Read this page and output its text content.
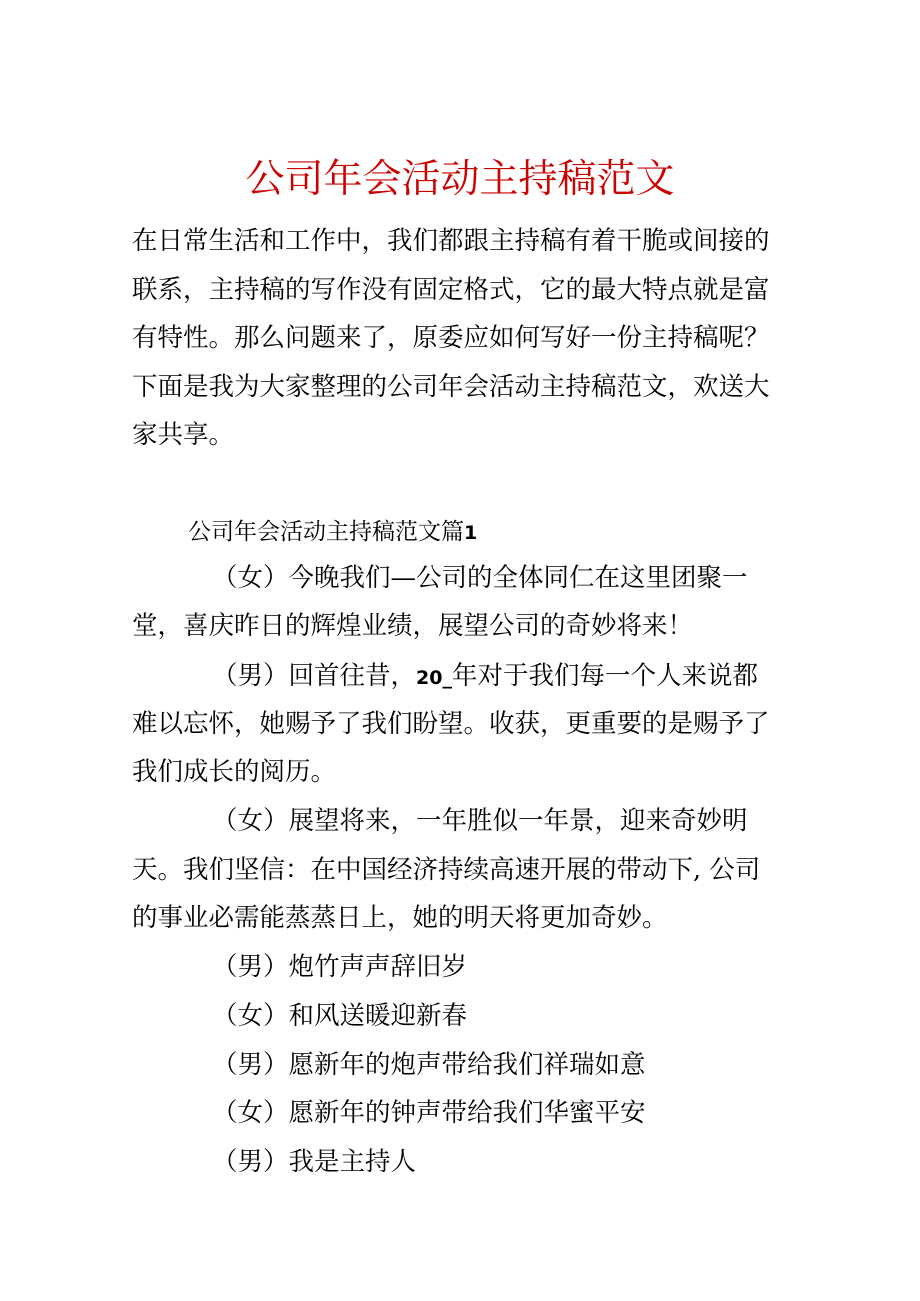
公司年会活动主持稿范文
在日常生活和工作中，我们都跟主持稿有着干脆或间接的
联系，主持稿的写作没有固定格式，它的最大特点就是富
有特性。那么问题来了，原委应如何写好一份主持稿呢？
下面是我为大家整理的公司年会活动主持稿范文，欢送大
家共享。
公司年会活动主持稿范文篇1
（女）今晚我们—公司的全体同仁在这里团聚一
堂，喜庆昨日的辉煌业绩，展望公司的奇妙将来！
（男）回首往昔，20_年对于我们每一个人来说都
难以忘怀，她赐予了我们盼望。收获，更重要的是赐予了
我们成长的阅历。
（女）展望将来，一年胜似一年景，迎来奇妙明
天。我们坚信：在中国经济持续高速开展的带动下, 公司
的事业必需能蒸蒸日上，她的明天将更加奇妙。
（男）炮竹声声辞旧岁
（女）和风送暖迎新春
（男）愿新年的炮声带给我们祥瑞如意
（女）愿新年的钟声带给我们华蜜平安
（男）我是主持人
